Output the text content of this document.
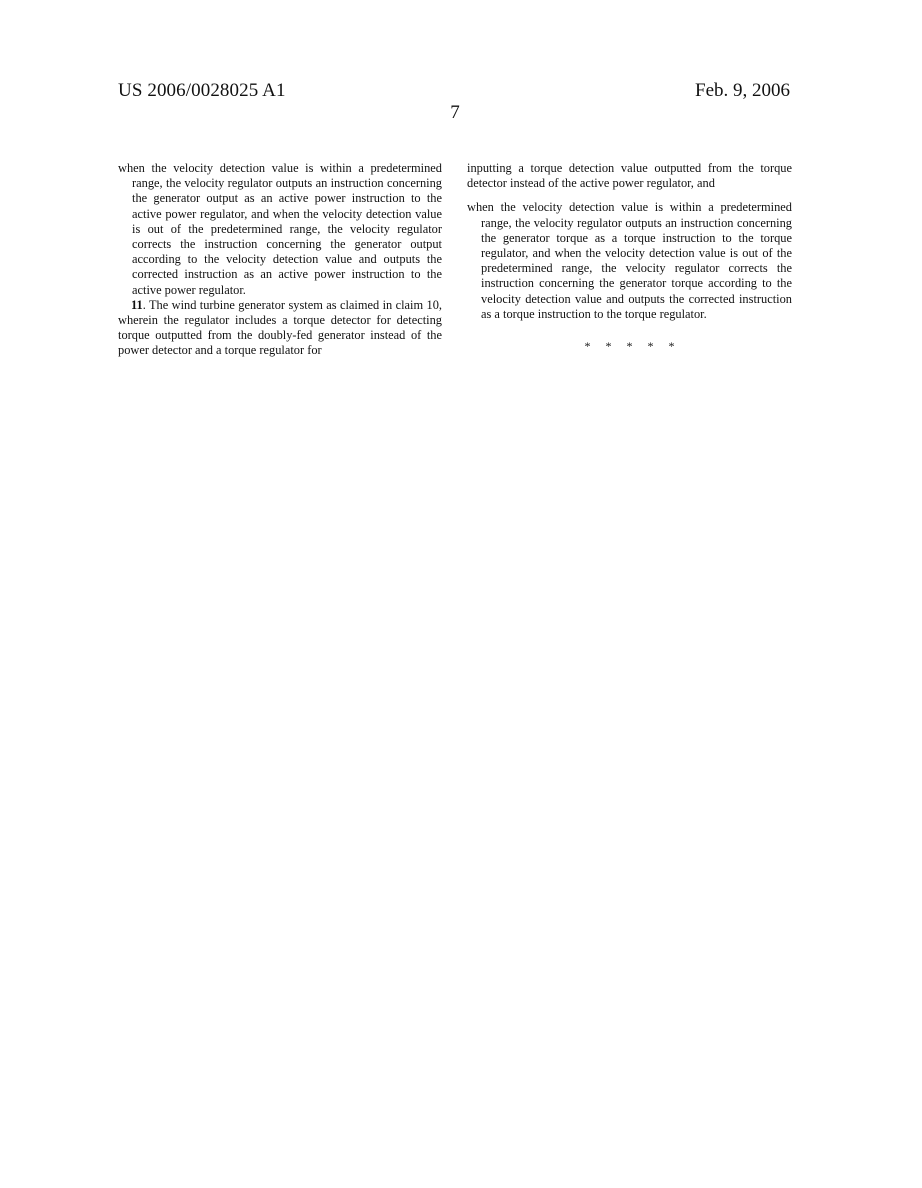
US 2006/0028025 A1	Feb. 9, 2006
7

when the velocity detection value is within a predetermined range, the velocity regulator outputs an instruction concerning the generator output as an active power instruction to the active power regulator, and when the velocity detection value is out of the predetermined range, the velocity regulator corrects the instruction concerning the generator output according to the velocity detection value and outputs the corrected instruction as an active power instruction to the active power regulator.

11. The wind turbine generator system as claimed in claim 10, wherein the regulator includes a torque detector for detecting torque outputted from the doubly-fed generator instead of the power detector and a torque regulator for

inputting a torque detection value outputted from the torque detector instead of the active power regulator, and

when the velocity detection value is within a predetermined range, the velocity regulator outputs an instruction concerning the generator torque as a torque instruction to the torque regulator, and when the velocity detection value is out of the predetermined range, the velocity regulator corrects the instruction concerning the generator torque according to the velocity detection value and outputs the corrected instruction as a torque instruction to the torque regulator.

* * * * *
